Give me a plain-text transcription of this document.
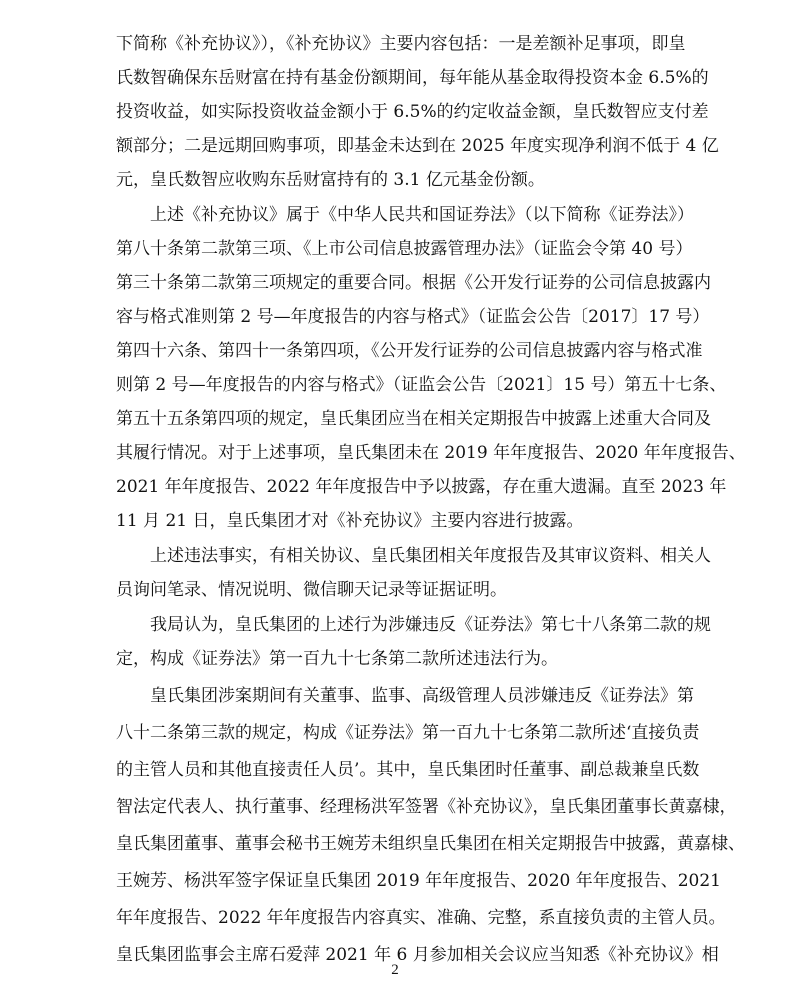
下简称《补充协议》），《补充协议》主要内容包括：一是差额补足事项，即皇
氏数智确保东岳财富在持有基金份额期间，每年能从基金取得投资本金 6.5%的
投资收益，如实际投资收益金额小于 6.5%的约定收益金额，皇氏数智应支付差
额部分；二是远期回购事项，即基金未达到在 2025 年度实现净利润不低于 4 亿
元，皇氏数智应收购东岳财富持有的 3.1 亿元基金份额。
上述《补充协议》属于《中华人民共和国证券法》（以下简称《证券法》）
第八十条第二款第三项、《上市公司信息披露管理办法》（证监会令第 40 号）
第三十条第二款第三项规定的重要合同。根据《公开发行证券的公司信息披露内
容与格式准则第 2 号—年度报告的内容与格式》（证监会公告〔2017〕17 号）
第四十六条、第四十一条第四项，《公开发行证券的公司信息披露内容与格式准
则第 2 号—年度报告的内容与格式》（证监会公告〔2021〕15 号）第五十七条、
第五十五条第四项的规定，皇氏集团应当在相关定期报告中披露上述重大合同及
其履行情况。对于上述事项，皇氏集团未在 2019 年年度报告、2020 年年度报告、
2021 年年度报告、2022 年年度报告中予以披露，存在重大遗漏。直至 2023 年
11 月 21 日，皇氏集团才对《补充协议》主要内容进行披露。
上述违法事实，有相关协议、皇氏集团相关年度报告及其审议资料、相关人
员询问笔录、情况说明、微信聊天记录等证据证明。
我局认为，皇氏集团的上述行为涉嫌违反《证券法》第七十八条第二款的规
定，构成《证券法》第一百九十七条第二款所述违法行为。
皇氏集团涉案期间有关董事、监事、高级管理人员涉嫌违反《证券法》第
八十二条第三款的规定，构成《证券法》第一百九十七条第二款所述‘直接负责
的主管人员和其他直接责任人员’。其中，皇氏集团时任董事、副总裁兼皇氏数
智法定代表人、执行董事、经理杨洪军签署《补充协议》，皇氏集团董事长黄嘉棣，
皇氏集团董事、董事会秘书王婉芳未组织皇氏集团在相关定期报告中披露，黄嘉棣、
王婉芳、杨洪军签字保证皇氏集团 2019 年年度报告、2020 年年度报告、2021
年年度报告、2022 年年度报告内容真实、准确、完整，系直接负责的主管人员。
皇氏集团监事会主席石爱萍 2021 年 6 月参加相关会议应当知悉《补充协议》相
2
